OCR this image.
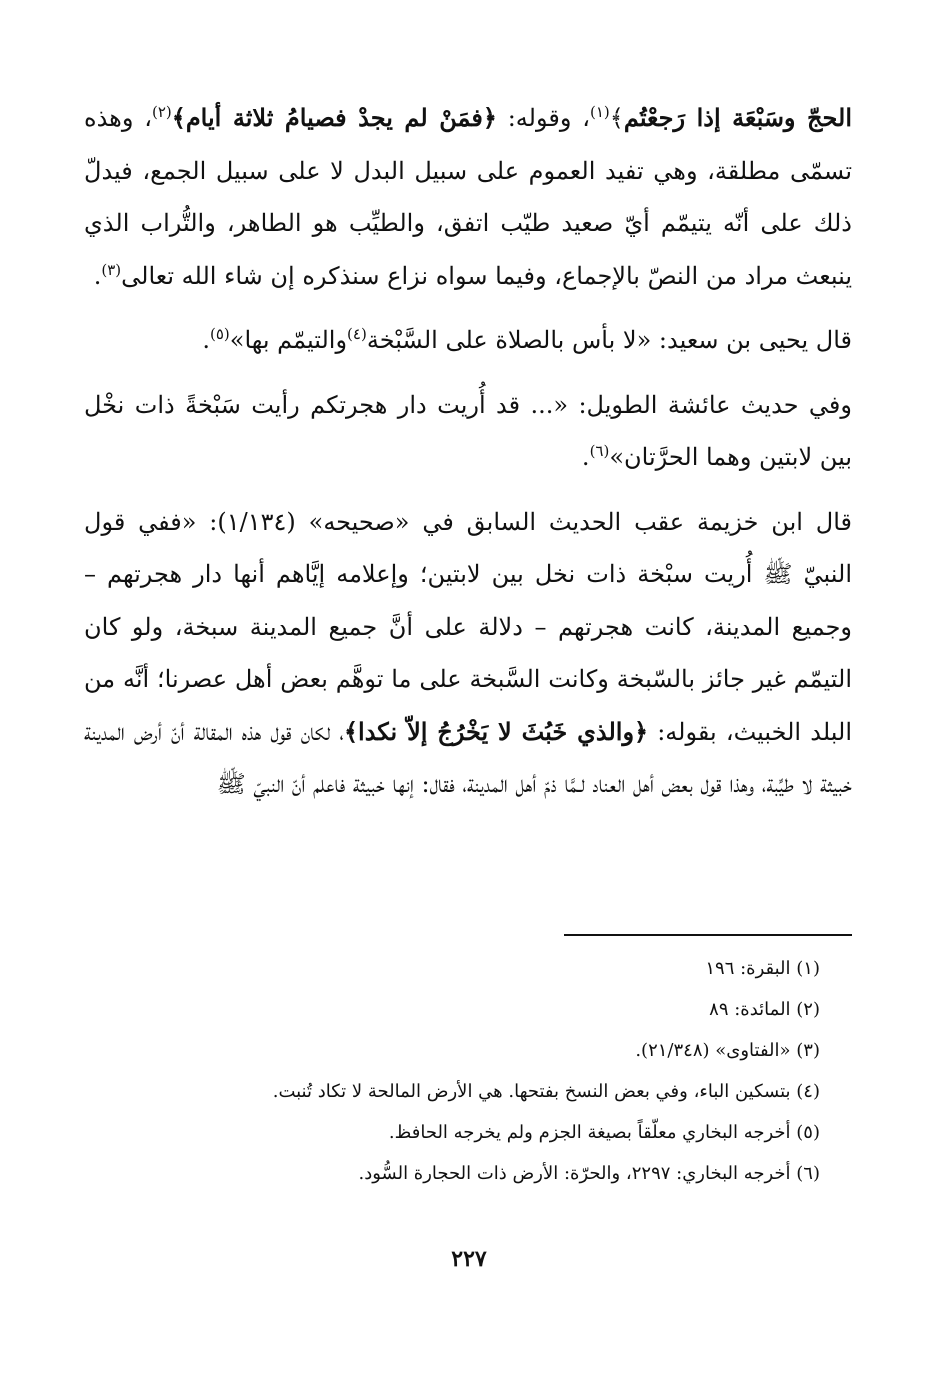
الحجّ وسَبْعَة إذا رَجعْتُم﴾$^{(١)}$، وقوله: ﴿فمَنْ لم يجدْ فصيامُ ثلاثة أيام﴾$^{(٢)}$، وهذه تسمّى مطلقة، وهي تفيد العموم على سبيل البدل لا على سبيل الجمع، فيدلّ ذلك على أنّه يتيمّم أيّ صعيد طيّب اتفق، والطيِّب هو الطاهر، والتُّراب الذي ينبعث مراد من النصّ بالإجماع، وفيما سواه نزاع سنذكره إن شاء الله تعالى$^{(٣)}$.

قال يحيى بن سعيد: «لا بأس بالصلاة على السَّبْخة$^{(٤)}$والتيمّم بها»$^{(٥)}$.

وفي حديث عائشة الطويل: «... قد أُريت دار هجرتكم رأيت سَبْخةً ذات نخْل بين لابتين وهما الحرَّتان»$^{(٦)}$.

قال ابن خزيمة عقب الحديث السابق في «صحيحه» (١/١٣٤): «ففي قول النبيّ ﷺ أُريت سبْخة ذات نخل بين لابتين؛ وإعلامه إيَّاهم أنها دار هجرتهم – وجميع المدينة، كانت هجرتهم – دلالة على أنَّ جميع المدينة سبخة، ولو كان التيمّم غير جائز بالسّبخة وكانت السَّبخة على ما توهَّم بعض أهل عصرنا؛ أنَّه من البلد الخبيث، بقوله: ﴿والذي خَبُثَ لا يَخْرُجُ إلاّ نكدا﴾، لكان قول هذه المقالة أنّ أرض المدينة خبيثة لا طيِّبة، وهذا قول بعض أهل العناد لـمَّا ذمّ أهل المدينة، فقال: إنها خبيثة فاعلم أنّ النبيّ ﷺ

(١) البقرة: ١٩٦

(٢) المائدة: ٨٩

(٣) «الفتاوى» (٢١/٣٤٨).

(٤) بتسكين الباء، وفي بعض النسخ بفتحها. هي الأرض المالحة لا تكاد تُنبت.

(٥) أخرجه البخاري معلّقاً بصيغة الجزم ولم يخرجه الحافظ.

(٦) أخرجه البخاري: ٢٢٩٧، والحرّة: الأرض ذات الحجارة السُّود.

٢٢٧
